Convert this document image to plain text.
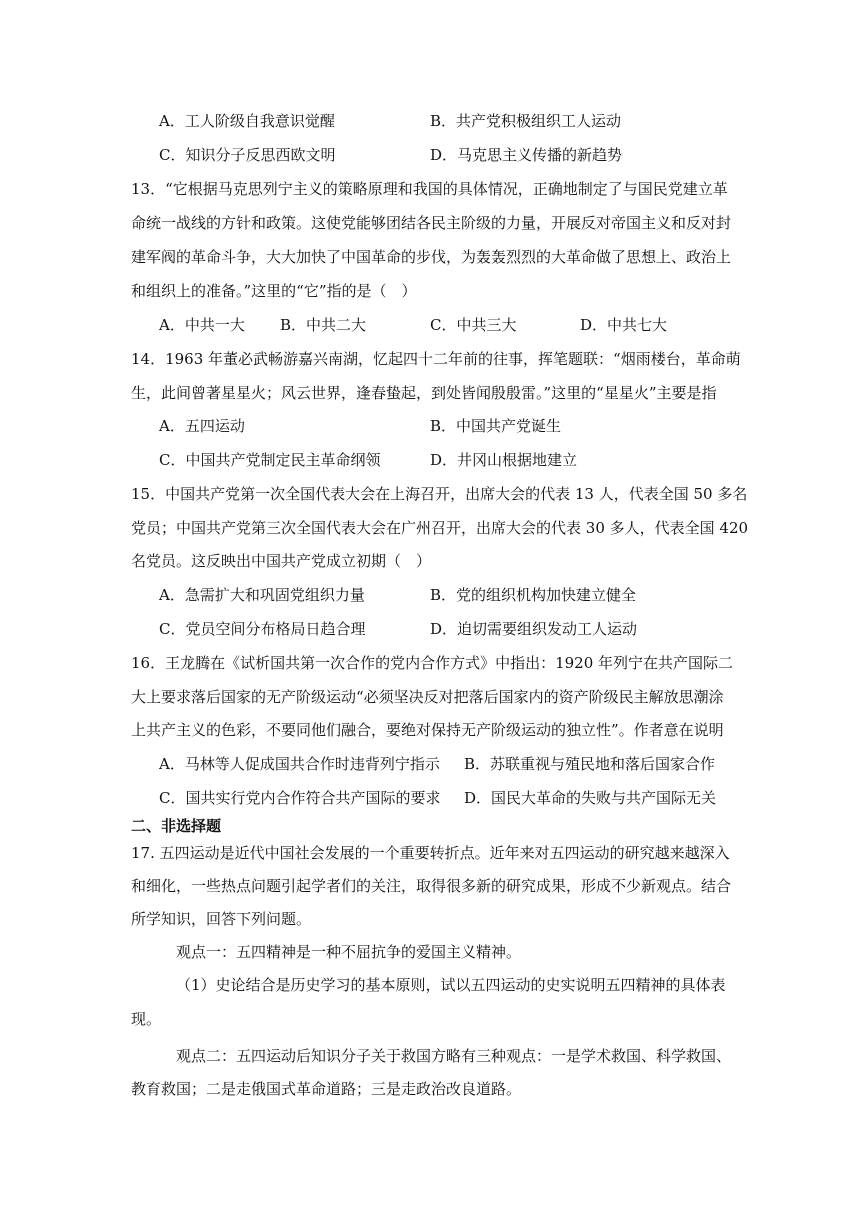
A．工人阶级自我意识觉醒	B．共产党积极组织工人运动
C．知识分子反思西欧文明	D．马克思主义传播的新趋势
13．“它根据马克思列宁主义的策略原理和我国的具体情况，正确地制定了与国民党建立革
命统一战线的方针和政策。这使党能够团结各民主阶级的力量，开展反对帝国主义和反对封
建军阀的革命斗争，大大加快了中国革命的步伐，为轰轰烈烈的大革命做了思想上、政治上
和组织上的准备。”这里的“它”指的是（　）
A．中共一大 B．中共二大	C．中共三大	D．中共七大
14．1963 年董必武畅游嘉兴南湖，忆起四十二年前的往事，挥笔题联：“烟雨楼台，革命萌
生，此间曾著星星火；风云世界，逢春蛰起，到处皆闻殷殷雷。”这里的“星星火”主要是指
A．五四运动	B．中国共产党诞生
C．中国共产党制定民主革命纲领	D．井冈山根据地建立
15．中国共产党第一次全国代表大会在上海召开，出席大会的代表 13 人，代表全国 50 多名
党员；中国共产党第三次全国代表大会在广州召开，出席大会的代表 30 多人，代表全国 420
名党员。这反映出中国共产党成立初期（　）
A．急需扩大和巩固党组织力量	B．党的组织机构加快建立健全
C．党员空间分布格局日趋合理	D．迫切需要组织发动工人运动
16．王龙腾在《试析国共第一次合作的党内合作方式》中指出：1920 年列宁在共产国际二
大上要求落后国家的无产阶级运动“必须坚决反对把落后国家内的资产阶级民主解放思潮涂
上共产主义的色彩，不要同他们融合，要绝对保持无产阶级运动的独立性”。作者意在说明
A．马林等人促成国共合作时违背列宁指示 B．苏联重视与殖民地和落后国家合作
C．国共实行党内合作符合共产国际的要求 D．国民大革命的失败与共产国际无关
二、非选择题
17. 五四运动是近代中国社会发展的一个重要转折点。近年来对五四运动的研究越来越深入
和细化，一些热点问题引起学者们的关注，取得很多新的研究成果，形成不少新观点。结合
所学知识，回答下列问题。
观点一：五四精神是一种不屈抗争的爱国主义精神。
（1）史论结合是历史学习的基本原则，试以五四运动的史实说明五四精神的具体表
现。
观点二：五四运动后知识分子关于救国方略有三种观点：一是学术救国、科学救国、
教育救国；二是走俄国式革命道路；三是走政治改良道路。
